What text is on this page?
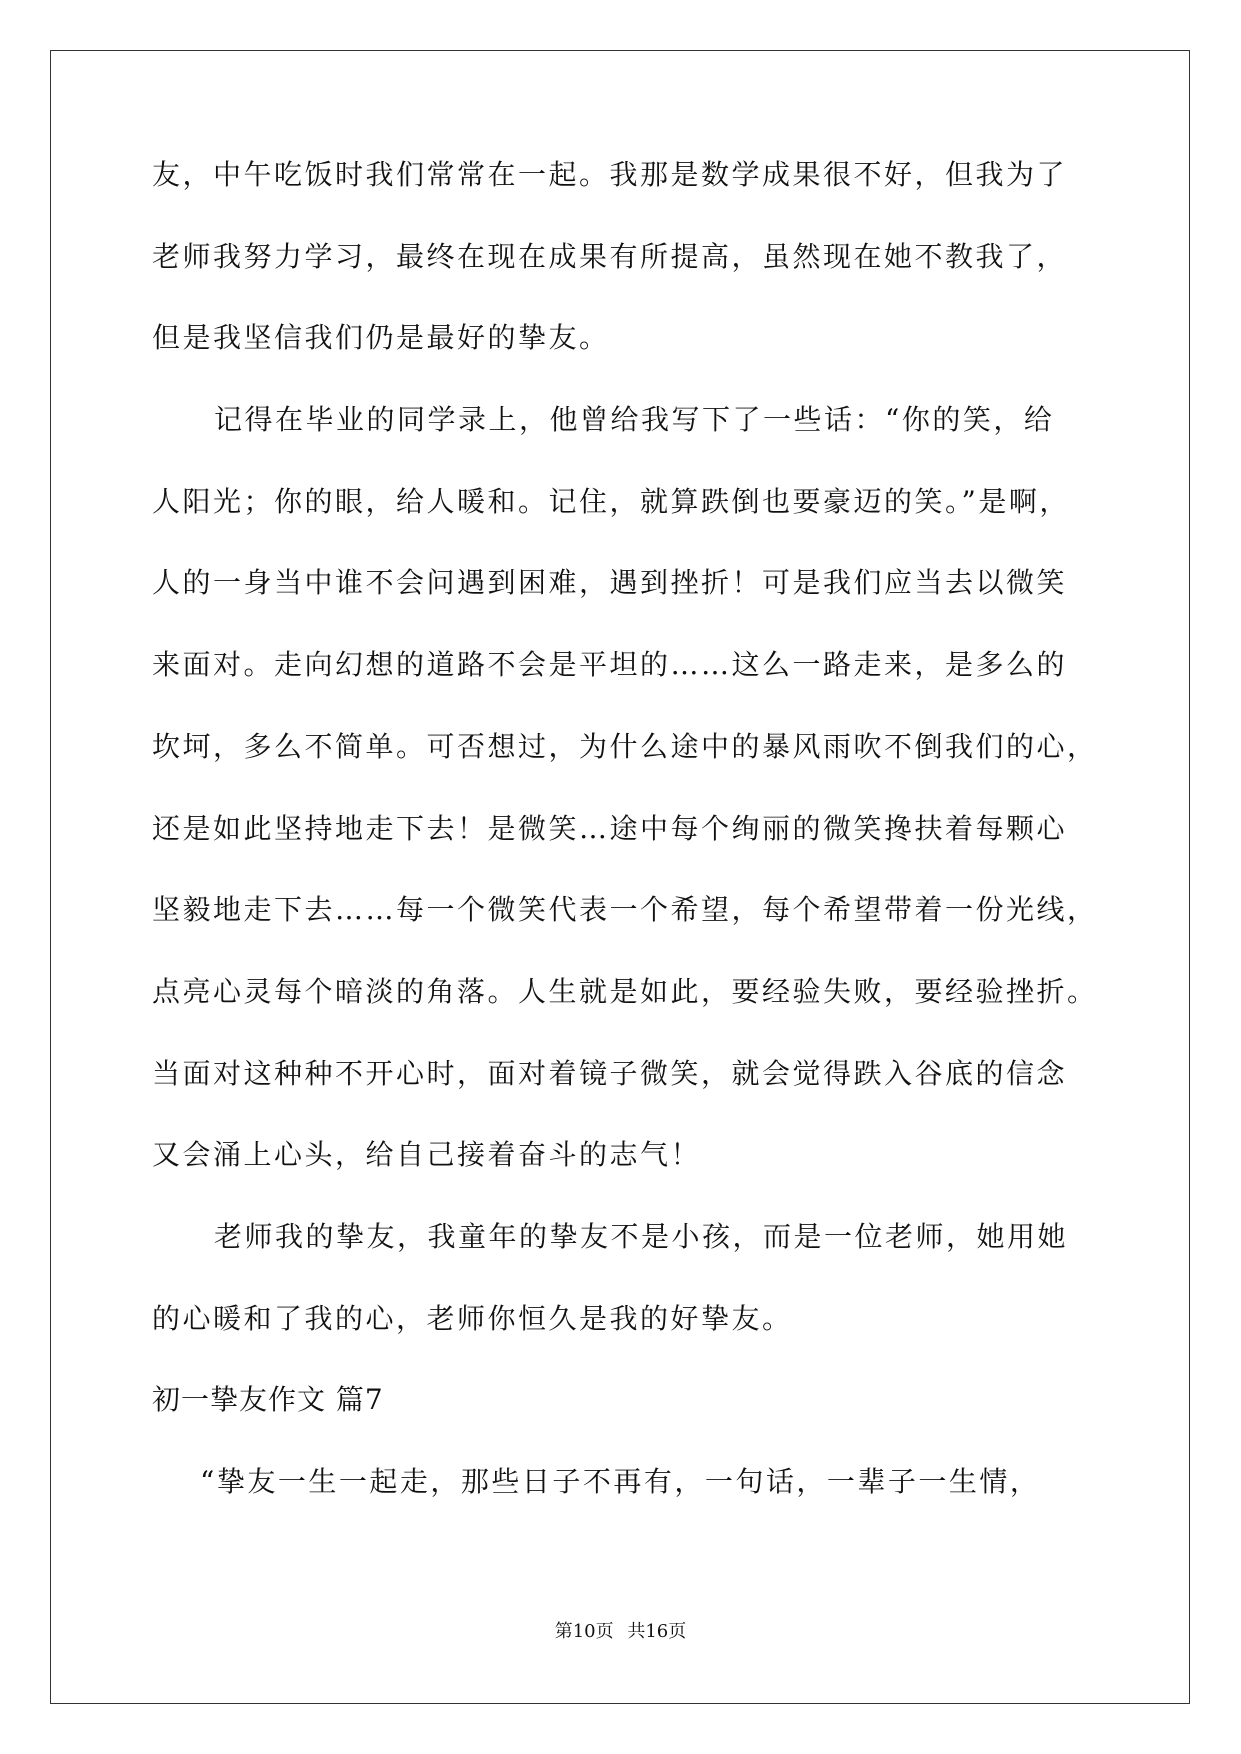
友，中午吃饭时我们常常在一起。我那是数学成果很不好，但我为了
老师我努力学习，最终在现在成果有所提高，虽然现在她不教我了，
但是我坚信我们仍是最好的挚友。
记得在毕业的同学录上，他曾给我写下了一些话：“你的笑，给
人阳光；你的眼，给人暖和。记住，就算跌倒也要豪迈的笑。”是啊，
人的一身当中谁不会问遇到困难，遇到挫折！可是我们应当去以微笑
来面对。走向幻想的道路不会是平坦的……这么一路走来，是多么的
坎坷，多么不简单。可否想过，为什么途中的暴风雨吹不倒我们的心，
还是如此坚持地走下去！是微笑…途中每个绚丽的微笑搀扶着每颗心
坚毅地走下去……每一个微笑代表一个希望，每个希望带着一份光线，
点亮心灵每个暗淡的角落。人生就是如此，要经验失败，要经验挫折。
当面对这种种不开心时，面对着镜子微笑，就会觉得跌入谷底的信念
又会涌上心头，给自己接着奋斗的志气！
老师我的挚友，我童年的挚友不是小孩，而是一位老师，她用她
的心暖和了我的心，老师你恒久是我的好挚友。
初一挚友作文 篇7
“挚友一生一起走，那些日子不再有，一句话，一辈子一生情，
第10页 共16页
